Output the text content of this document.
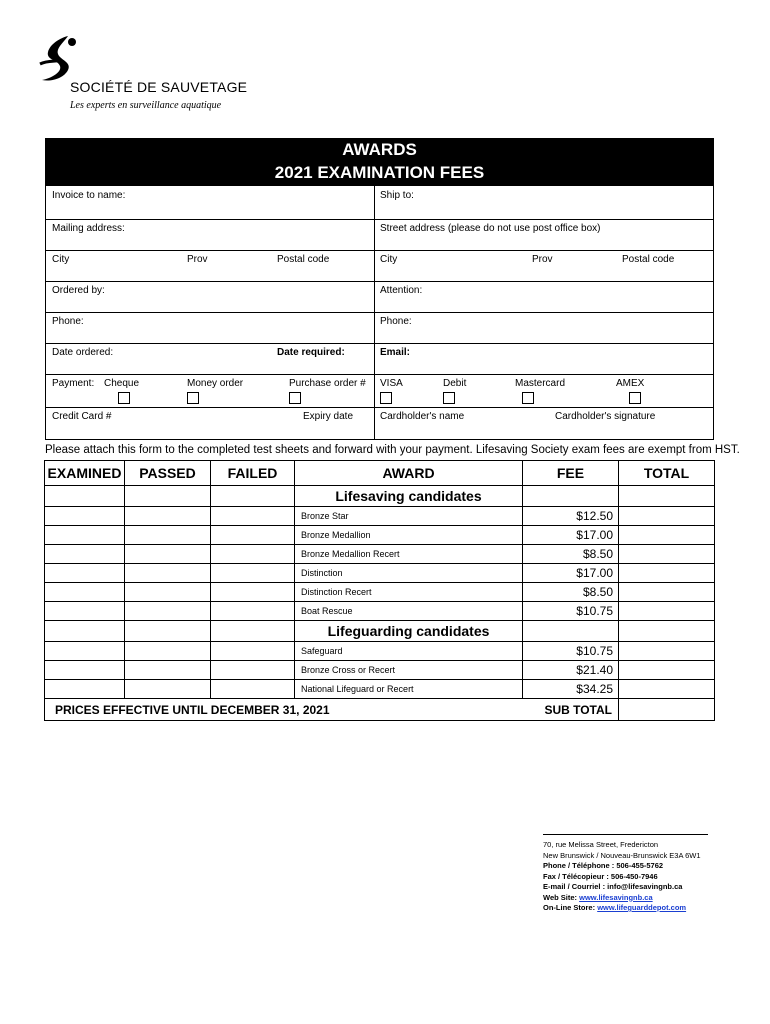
SOCIÉTÉ DE SAUVETAGE
Les experts en surveillance aquatique
AWARDS
2021 EXAMINATION FEES
Invoice to name:	Ship to:
Mailing address:	Street address (please do not use post office box)
City	Prov	Postal code	City	Prov	Postal code
Ordered by:	Attention:
Phone:	Phone:
Date ordered:	Date required:	Email:
Payment: Cheque	Money order	Purchase order # VISA	Debit	Mastercard	AMEX
Credit Card #	Expiry date	Cardholder's name	Cardholder's signature
Please attach this form to the completed test sheets and forward with your payment. Lifesaving Society exam fees are exempt from HST.
EXAMINED	PASSED	FAILED	AWARD	FEE	TOTAL
			Lifesaving candidates		
			Bronze Star	$12.50	
			Bronze Medallion	$17.00	
			Bronze Medallion Recert	$8.50	
			Distinction	$17.00	
			Distinction Recert	$8.50	
			Boat Rescue	$10.75	
			Lifeguarding candidates		
			Safeguard	$10.75	
			Bronze Cross or Recert	$21.40	
			National Lifeguard or Recert	$34.25	
PRICES EFFECTIVE UNTIL DECEMBER 31, 2021				SUB TOTAL	
70, rue Melissa Street, Fredericton
New Brunswick / Nouveau-Brunswick E3A 6W1
Phone / Téléphone : 506-455-5762
Fax / Télécopieur : 506-450-7946
E-mail / Courriel : info@lifesavingnb.ca
Web Site: www.lifesavingnb.ca
On-Line Store: www.lifeguarddepot.com
